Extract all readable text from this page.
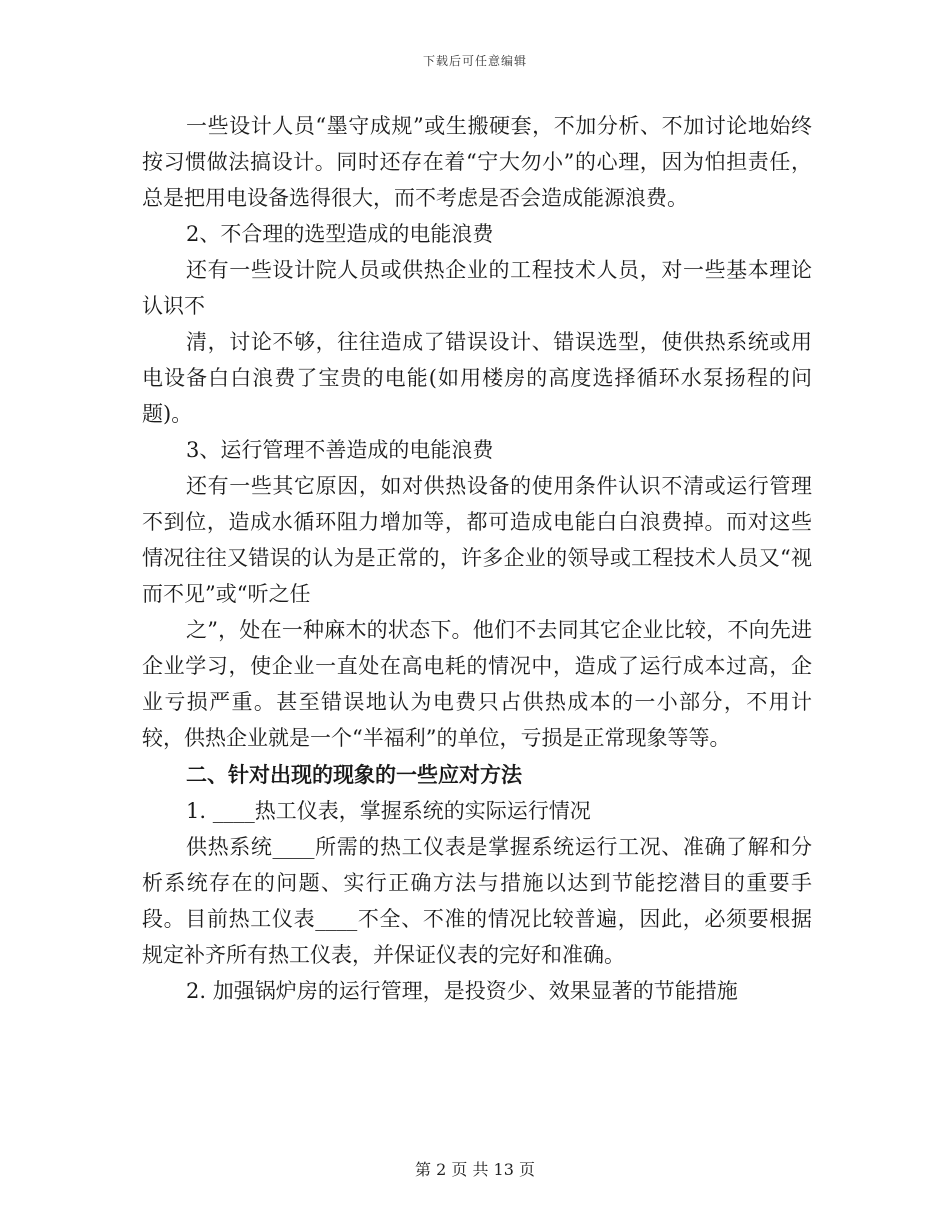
下载后可任意编辑

一些设计人员“墨守成规”或生搬硬套，不加分析、不加讨论地始终按习惯做法搞设计。同时还存在着“宁大勿小”的心理，因为怕担责任，总是把用电设备选得很大，而不考虑是否会造成能源浪费。

2、不合理的选型造成的电能浪费

还有一些设计院人员或供热企业的工程技术人员，对一些基本理论认识不

清，讨论不够，往往造成了错误设计、错误选型，使供热系统或用电设备白白浪费了宝贵的电能(如用楼房的高度选择循环水泵扬程的问题)。

3、运行管理不善造成的电能浪费

还有一些其它原因，如对供热设备的使用条件认识不清或运行管理不到位，造成水循环阻力增加等，都可造成电能白白浪费掉。而对这些情况往往又错误的认为是正常的，许多企业的领导或工程技术人员又“视而不见”或“听之任

之”，处在一种麻木的状态下。他们不去同其它企业比较，不向先进企业学习，使企业一直处在高电耗的情况中，造成了运行成本过高，企业亏损严重。甚至错误地认为电费只占供热成本的一小部分，不用计较，供热企业就是一个“半福利”的单位，亏损是正常现象等等。

二、针对出现的现象的一些应对方法

1. ____热工仪表，掌握系统的实际运行情况

供热系统____所需的热工仪表是掌握系统运行工况、准确了解和分析系统存在的问题、实行正确方法与措施以达到节能挖潜目的重要手段。目前热工仪表____不全、不准的情况比较普遍，因此，必须要根据规定补齐所有热工仪表，并保证仪表的完好和准确。

2. 加强锅炉房的运行管理，是投资少、效果显著的节能措施

第 2 页 共 13 页
